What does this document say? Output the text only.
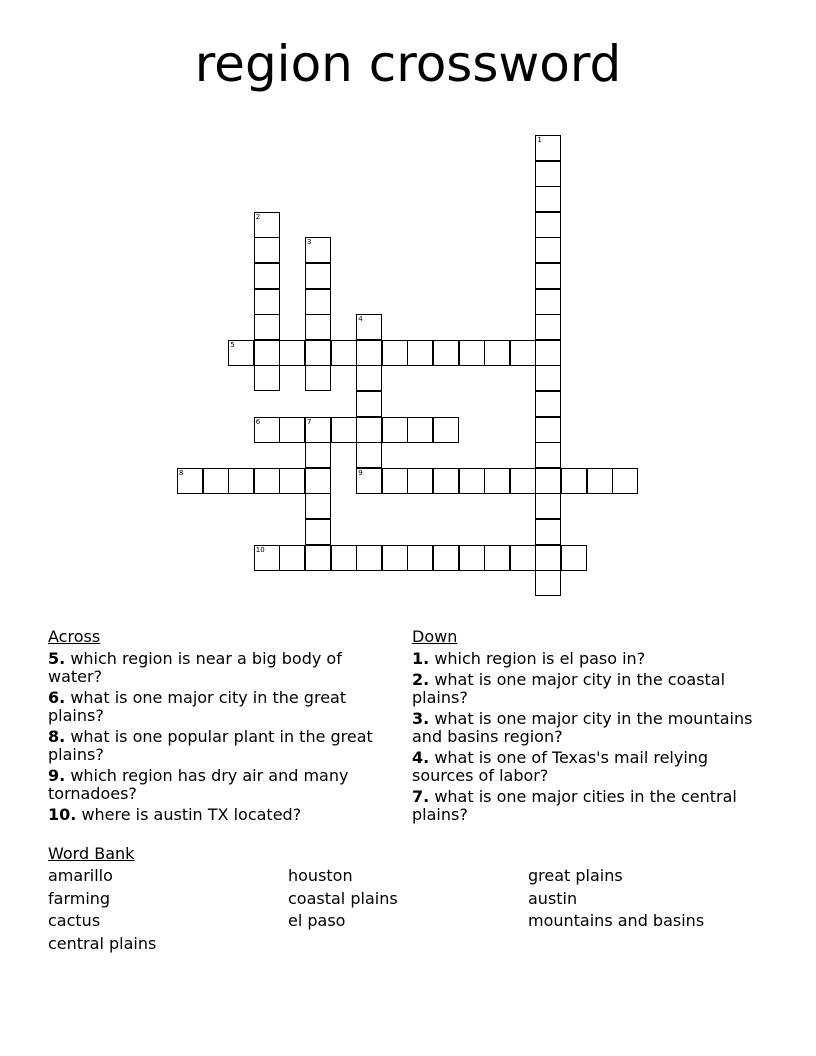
region crossword
1
2
3
4
5
6	7
8	9
10
Across
5. which region is near a big body of water?
6. what is one major city in the great plains?
8. what is one popular plant in the great plains?
9. which region has dry air and many tornadoes?
10. where is austin TX located?
Down
1. which region is el paso in?
2. what is one major city in the coastal plains?
3. what is one major city in the mountains and basins region?
4. what is one of Texas's mail relying sources of labor?
7. what is one major cities in the central plains?
Word Bank
amarillo	houston	great plains
farming	coastal plains	austin
cactus	el paso	mountains and basins
central plains
